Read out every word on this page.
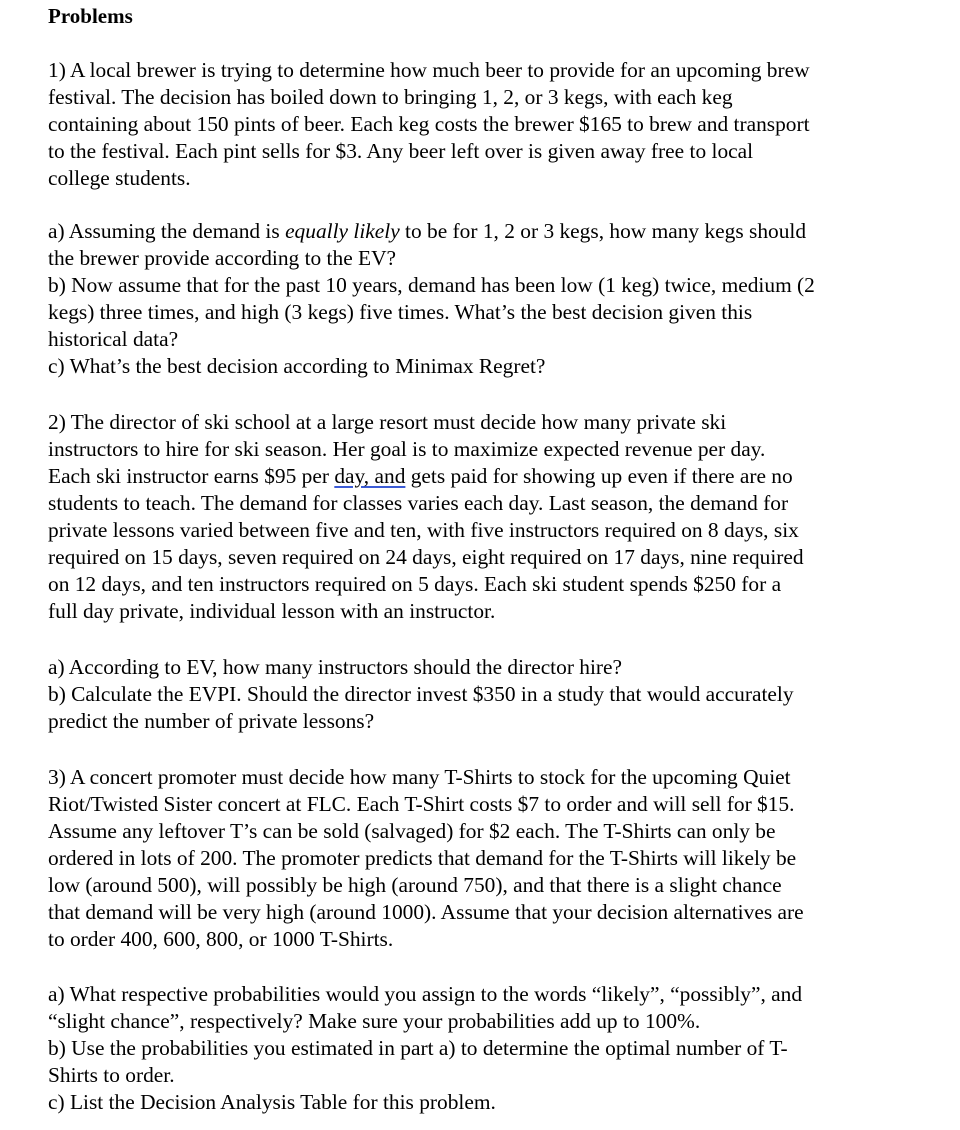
Problems
1) A local brewer is trying to determine how much beer to provide for an upcoming brew
festival. The decision has boiled down to bringing 1, 2, or 3 kegs, with each keg
containing about 150 pints of beer. Each keg costs the brewer $165 to brew and transport
to the festival. Each pint sells for $3. Any beer left over is given away free to local
college students.
a) Assuming the demand is equally likely to be for 1, 2 or 3 kegs, how many kegs should
the brewer provide according to the EV?
b) Now assume that for the past 10 years, demand has been low (1 keg) twice, medium (2
kegs) three times, and high (3 kegs) five times. What’s the best decision given this
historical data?
c) What’s the best decision according to Minimax Regret?
2) The director of ski school at a large resort must decide how many private ski
instructors to hire for ski season. Her goal is to maximize expected revenue per day.
Each ski instructor earns $95 per day, and gets paid for showing up even if there are no
students to teach. The demand for classes varies each day. Last season, the demand for
private lessons varied between five and ten, with five instructors required on 8 days, six
required on 15 days, seven required on 24 days, eight required on 17 days, nine required
on 12 days, and ten instructors required on 5 days. Each ski student spends $250 for a
full day private, individual lesson with an instructor.
a) According to EV, how many instructors should the director hire?
b) Calculate the EVPI. Should the director invest $350 in a study that would accurately
predict the number of private lessons?
3) A concert promoter must decide how many T-Shirts to stock for the upcoming Quiet
Riot/Twisted Sister concert at FLC. Each T-Shirt costs $7 to order and will sell for $15.
Assume any leftover T’s can be sold (salvaged) for $2 each. The T-Shirts can only be
ordered in lots of 200. The promoter predicts that demand for the T-Shirts will likely be
low (around 500), will possibly be high (around 750), and that there is a slight chance
that demand will be very high (around 1000). Assume that your decision alternatives are
to order 400, 600, 800, or 1000 T-Shirts.
a) What respective probabilities would you assign to the words “likely”, “possibly”, and
“slight chance”, respectively? Make sure your probabilities add up to 100%.
b) Use the probabilities you estimated in part a) to determine the optimal number of T-
Shirts to order.
c) List the Decision Analysis Table for this problem.
